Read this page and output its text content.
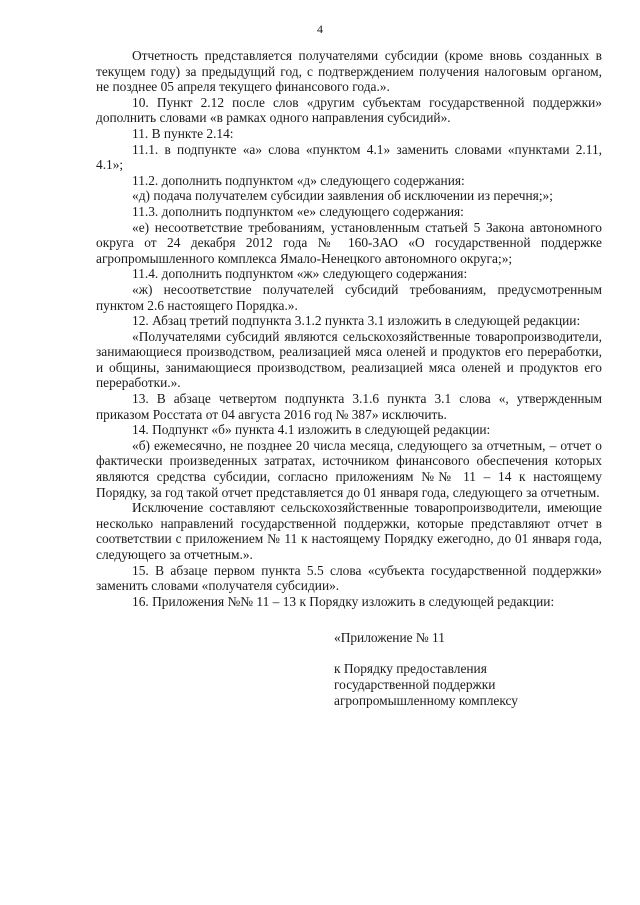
4

Отчетность представляется получателями субсидии (кроме вновь созданных в текущем году) за предыдущий год, с подтверждением получения налоговым органом, не позднее 05 апреля текущего финансового года.».

10. Пункт 2.12 после слов «другим субъектам государственной поддержки» дополнить словами «в рамках одного направления субсидий».

11. В пункте 2.14:

11.1. в подпункте «а» слова «пунктом 4.1» заменить словами «пунктами 2.11, 4.1»;

11.2. дополнить подпунктом «д» следующего содержания:

«д) подача получателем субсидии заявления об исключении из перечня;»;

11.3. дополнить подпунктом «е» следующего содержания:

«е) несоответствие требованиям, установленным статьей 5 Закона автономного округа от 24 декабря 2012 года № 160-ЗАО «О государственной поддержке агропромышленного комплекса Ямало-Ненецкого автономного округа;»;

11.4. дополнить подпунктом «ж» следующего содержания:

«ж) несоответствие получателей субсидий требованиям, предусмотренным пунктом 2.6 настоящего Порядка.».

12. Абзац третий подпункта 3.1.2 пункта 3.1 изложить в следующей редакции:

«Получателями субсидий являются сельскохозяйственные товаропроизводители, занимающиеся производством, реализацией мяса оленей и продуктов его переработки, и общины, занимающиеся производством, реализацией мяса оленей и продуктов его переработки.».

13. В абзаце четвертом подпункта 3.1.6 пункта 3.1 слова «, утвержденным приказом Росстата от 04 августа 2016 год № 387» исключить.

14. Подпункт «б» пункта 4.1 изложить в следующей редакции:

«б) ежемесячно, не позднее 20 числа месяца, следующего за отчетным, – отчет о фактически произведенных затратах, источником финансового обеспечения которых являются средства субсидии, согласно приложениям №№ 11 – 14 к настоящему Порядку, за год такой отчет представляется до 01 января года, следующего за отчетным.

Исключение составляют сельскохозяйственные товаропроизводители, имеющие несколько направлений государственной поддержки, которые представляют отчет в соответствии с приложением № 11 к настоящему Порядку ежегодно, до 01 января года, следующего за отчетным.».

15. В абзаце первом пункта 5.5 слова «субъекта государственной поддержки» заменить словами «получателя субсидии».

16. Приложения №№ 11 – 13 к Порядку изложить в следующей редакции:

«Приложение № 11

к Порядку предоставления

государственной поддержки

агропромышленному комплексу
